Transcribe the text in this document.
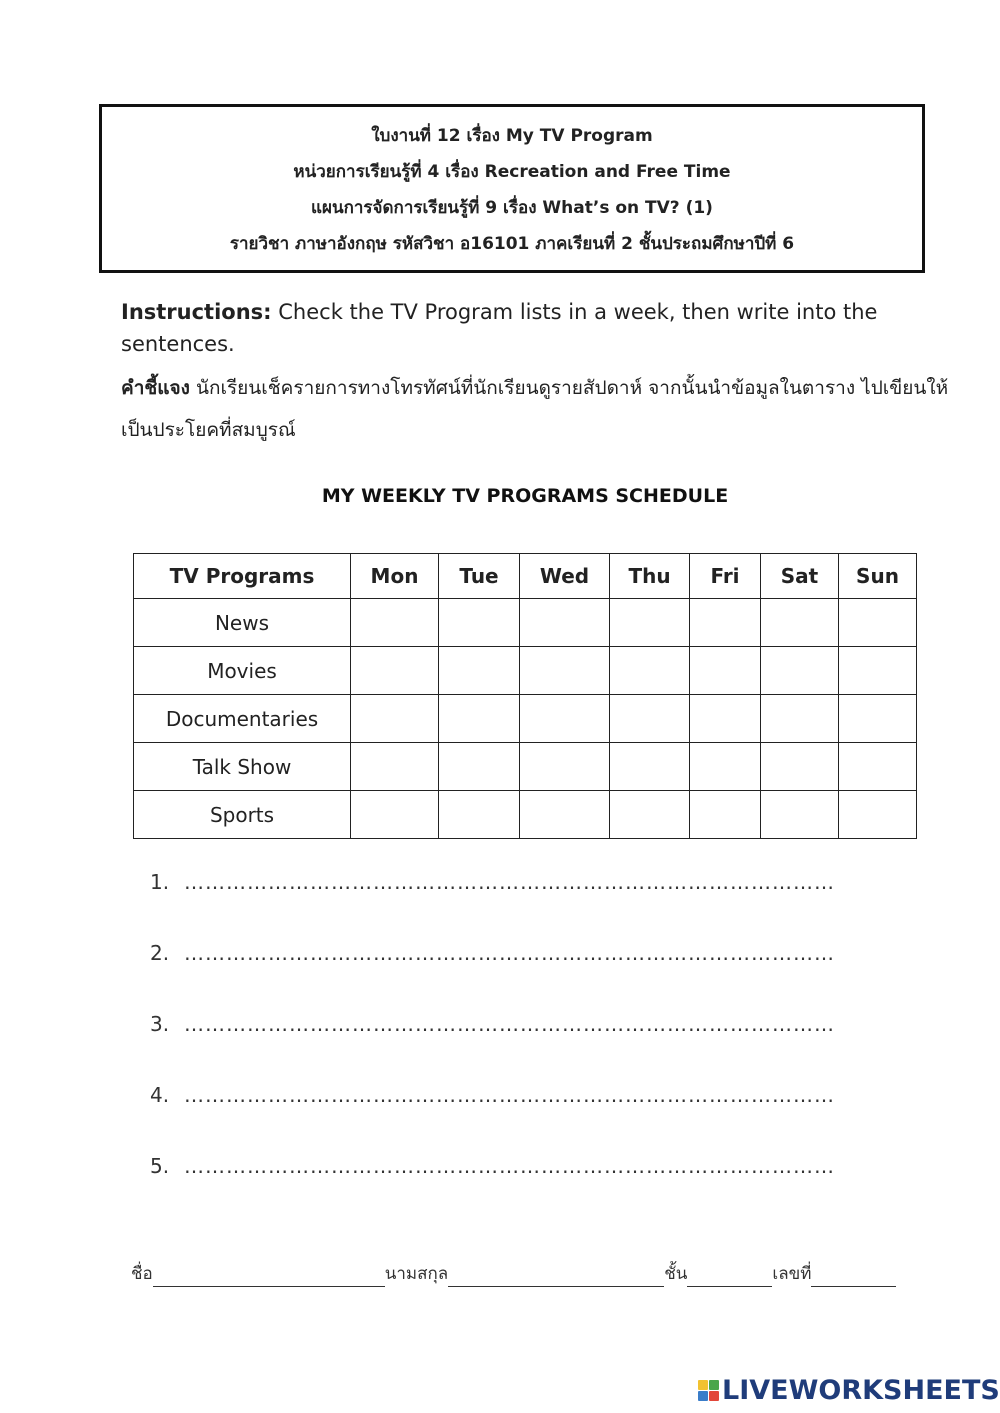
ใบงานที่ 12 เรื่อง My TV Program
หน่วยการเรียนรู้ที่ 4 เรื่อง Recreation and Free Time
แผนการจัดการเรียนรู้ที่ 9 เรื่อง What’s on TV? (1)
รายวิชา ภาษาอังกฤษ รหัสวิชา อ16101 ภาคเรียนที่ 2 ชั้นประถมศึกษาปีที่ 6
Instructions: Check the TV Program lists in a week, then write into the sentences.
คำชี้แจง นักเรียนเช็ครายการทางโทรทัศน์ที่นักเรียนดูรายสัปดาห์ จากนั้นนำข้อมูลในตาราง ไปเขียนให้เป็นประโยคที่สมบูรณ์
MY WEEKLY TV PROGRAMS SCHEDULE
TV Programs	Mon	Tue	Wed	Thu	Fri	Sat	Sun
News							
Movies							
Documentaries							
Talk Show							
Sports							
1. …………………………………………………………………………………
2. …………………………………………………………………………………
3. …………………………………………………………………………………
4. …………………………………………………………………………………
5. …………………………………………………………………………………
ชื่อ	นามสกุล	ชั้น	เลขที่
LIVEWORKSHEETS
